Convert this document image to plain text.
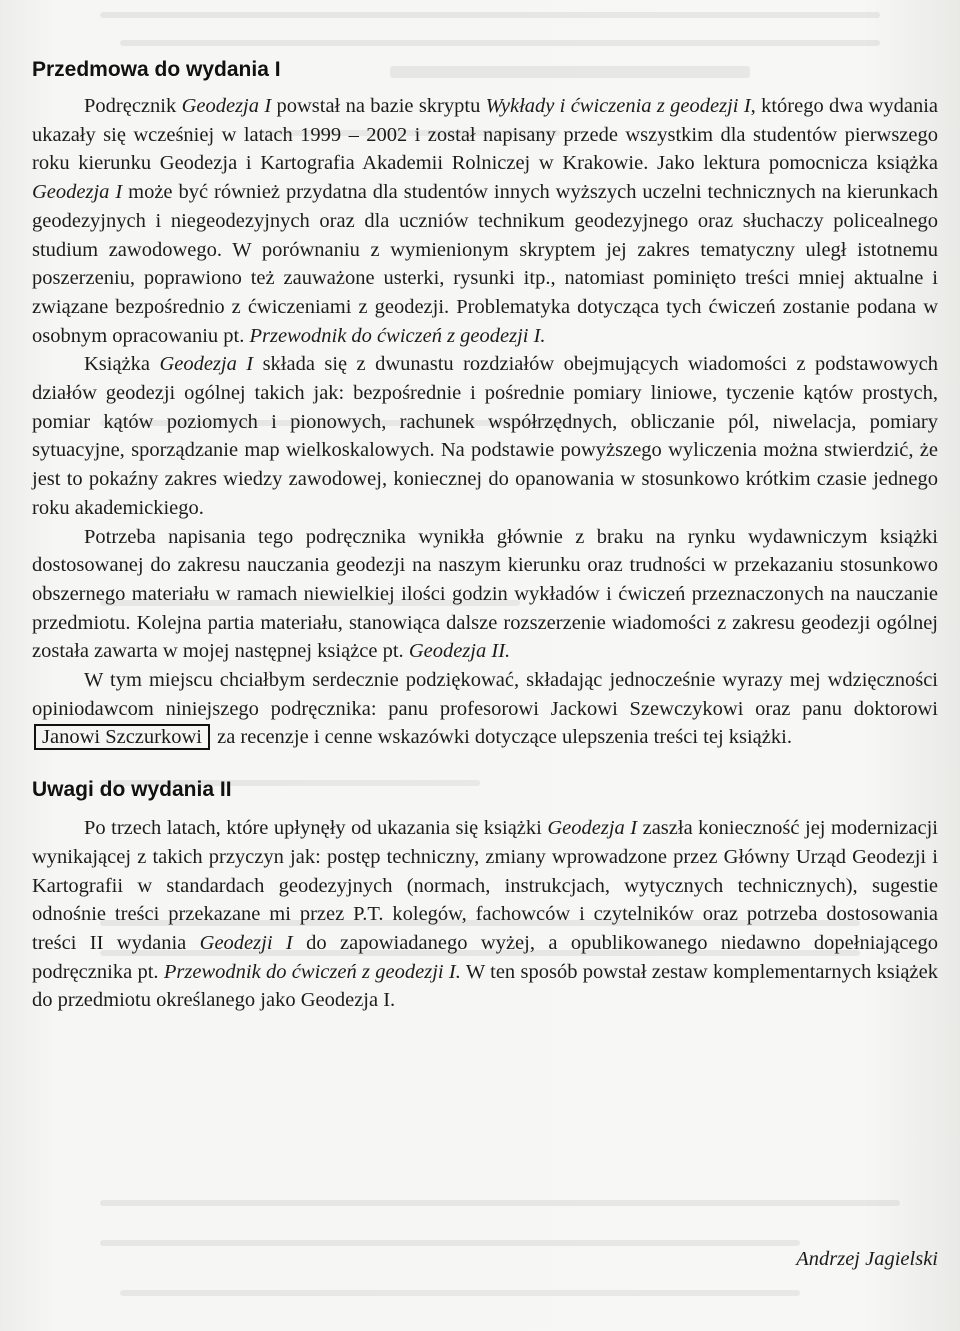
Przedmowa do wydania I

Podręcznik Geodezja I powstał na bazie skryptu Wykłady i ćwiczenia z geodezji I, którego dwa wydania ukazały się wcześniej w latach 1999 – 2002 i został napisany przede wszystkim dla studentów pierwszego roku kierunku Geodezja i Kartografia Akademii Rolniczej w Krakowie. Jako lektura pomocnicza książka Geodezja I może być również przydatna dla studentów innych wyższych uczelni technicznych na kierunkach geodezyjnych i niegeodezyjnych oraz dla uczniów technikum geodezyjnego oraz słuchaczy policealnego studium zawodowego. W porównaniu z wymienionym skryptem jej zakres tematyczny uległ istotnemu poszerzeniu, poprawiono też zauważone usterki, rysunki itp., natomiast pominięto treści mniej aktualne i związane bezpośrednio z ćwiczeniami z geodezji. Problematyka dotycząca tych ćwiczeń zostanie podana w osobnym opracowaniu pt. Przewodnik do ćwiczeń z geodezji I.

Książka Geodezja I składa się z dwunastu rozdziałów obejmujących wiadomości z podstawowych działów geodezji ogólnej takich jak: bezpośrednie i pośrednie pomiary liniowe, tyczenie kątów prostych, pomiar kątów poziomych i pionowych, rachunek współrzędnych, obliczanie pól, niwelacja, pomiary sytuacyjne, sporządzanie map wielkoskalowych. Na podstawie powyższego wyliczenia można stwierdzić, że jest to pokaźny zakres wiedzy zawodowej, koniecznej do opanowania w stosunkowo krótkim czasie jednego roku akademickiego.

Potrzeba napisania tego podręcznika wynikła głównie z braku na rynku wydawniczym książki dostosowanej do zakresu nauczania geodezji na naszym kierunku oraz trudności w przekazaniu stosunkowo obszernego materiału w ramach niewielkiej ilości godzin wykładów i ćwiczeń przeznaczonych na nauczanie przedmiotu. Kolejna partia materiału, stanowiąca dalsze rozszerzenie wiadomości z zakresu geodezji ogólnej została zawarta w mojej następnej książce pt. Geodezja II.

W tym miejscu chciałbym serdecznie podziękować, składając jednocześnie wyrazy mej wdzięczności opiniodawcom niniejszego podręcznika: panu profesorowi Jackowi Szewczykowi oraz panu doktorowi Janowi Szczurkowi za recenzje i cenne wskazówki dotyczące ulepszenia treści tej książki.

Uwagi do wydania II

Po trzech latach, które upłynęły od ukazania się książki Geodezja I zaszła konieczność jej modernizacji wynikającej z takich przyczyn jak: postęp techniczny, zmiany wprowadzone przez Główny Urząd Geodezji i Kartografii w standardach geodezyjnych (normach, instrukcjach, wytycznych technicznych), sugestie odnośnie treści przekazane mi przez P.T. kolegów, fachowców i czytelników oraz potrzeba dostosowania treści II wydania Geodezji I do zapowiadanego wyżej, a opublikowanego niedawno dopełniającego podręcznika pt. Przewodnik do ćwiczeń z geodezji I. W ten sposób powstał zestaw komplementarnych książek do przedmiotu określanego jako Geodezja I.

Andrzej Jagielski
